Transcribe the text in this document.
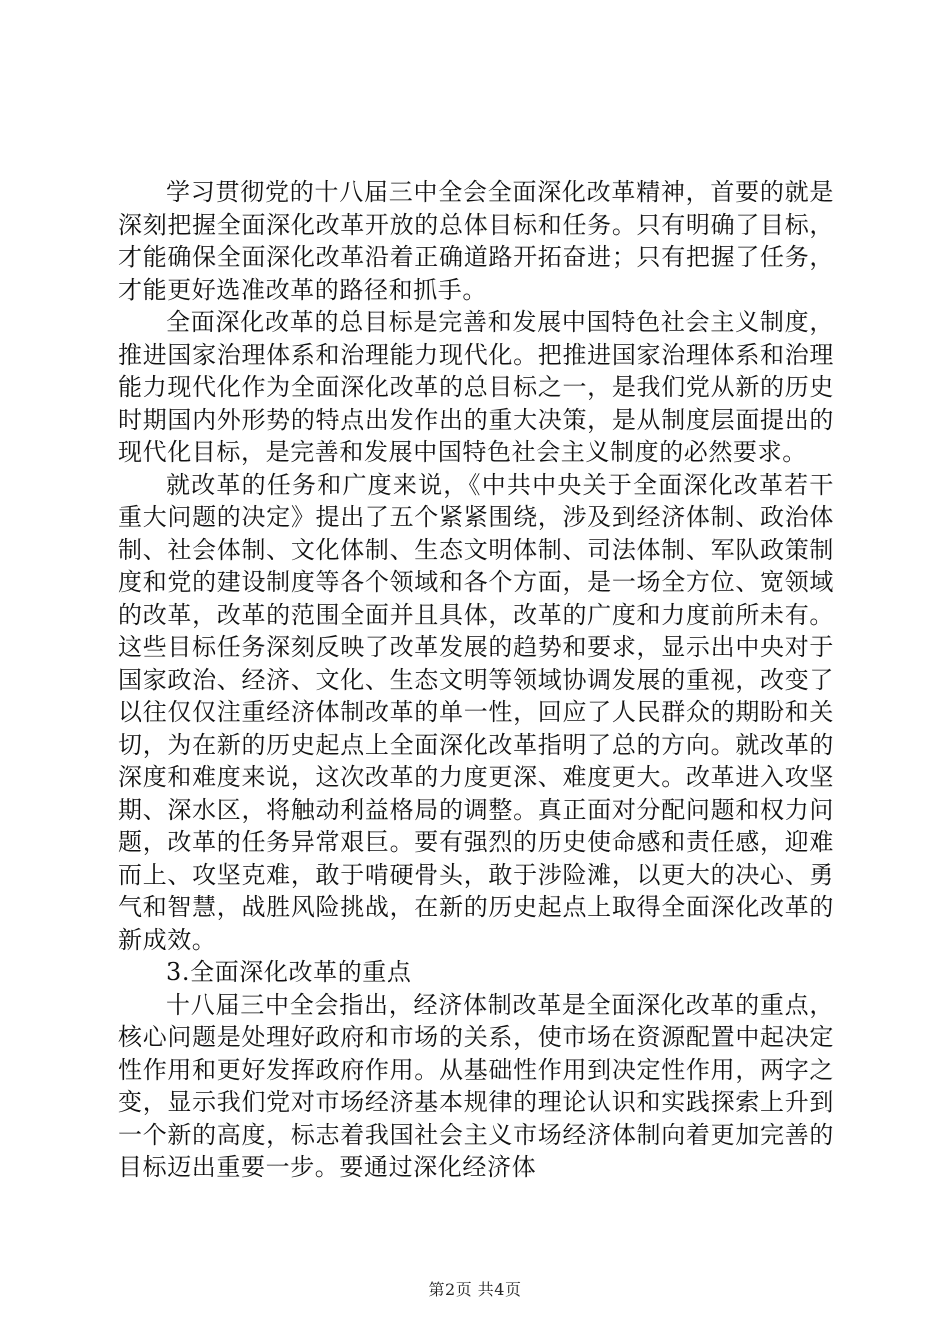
学习贯彻党的十八届三中全会全面深化改革精神，首要的就是深刻把握全面深化改革开放的总体目标和任务。只有明确了目标，才能确保全面深化改革沿着正确道路开拓奋进；只有把握了任务，才能更好选准改革的路径和抓手。

全面深化改革的总目标是完善和发展中国特色社会主义制度，推进国家治理体系和治理能力现代化。把推进国家治理体系和治理能力现代化作为全面深化改革的总目标之一，是我们党从新的历史时期国内外形势的特点出发作出的重大决策，是从制度层面提出的现代化目标，是完善和发展中国特色社会主义制度的必然要求。

就改革的任务和广度来说，《中共中央关于全面深化改革若干重大问题的决定》提出了五个紧紧围绕，涉及到经济体制、政治体制、社会体制、文化体制、生态文明体制、司法体制、军队政策制度和党的建设制度等各个领域和各个方面，是一场全方位、宽领域的改革，改革的范围全面并且具体，改革的广度和力度前所未有。这些目标任务深刻反映了改革发展的趋势和要求，显示出中央对于国家政治、经济、文化、生态文明等领域协调发展的重视，改变了以往仅仅注重经济体制改革的单一性，回应了人民群众的期盼和关切，为在新的历史起点上全面深化改革指明了总的方向。就改革的深度和难度来说，这次改革的力度更深、难度更大。改革进入攻坚期、深水区，将触动利益格局的调整。真正面对分配问题和权力问题，改革的任务异常艰巨。要有强烈的历史使命感和责任感，迎难而上、攻坚克难，敢于啃硬骨头，敢于涉险滩，以更大的决心、勇气和智慧，战胜风险挑战，在新的历史起点上取得全面深化改革的新成效。

3.全面深化改革的重点

十八届三中全会指出，经济体制改革是全面深化改革的重点，核心问题是处理好政府和市场的关系，使市场在资源配置中起决定性作用和更好发挥政府作用。从基础性作用到决定性作用，两字之变，显示我们党对市场经济基本规律的理论认识和实践探索上升到一个新的高度，标志着我国社会主义市场经济体制向着更加完善的目标迈出重要一步。要通过深化经济体

第2页 共4页
